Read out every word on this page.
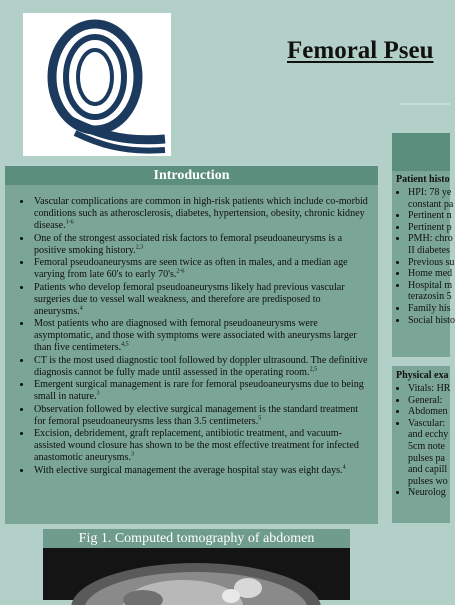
Femoral Pseu
Introduction
• Vascular complications are common in high-risk patients which include co-morbid conditions such as atherosclerosis, diabetes, hypertension, obesity, chronic kidney disease.$^{1-6}$
• One of the strongest associated risk factors to femoral pseudoaneurysms is a positive smoking history.$^{2,3}$
• Femoral pseudoaneurysms are seen twice as often in males, and a median age varying from late 60's to early 70's.$^{2-6}$
• Patients who develop femoral pseudoaneurysms likely had previous vascular surgeries due to vessel wall weakness, and therefore are predisposed to aneurysms.$^4$
• Most patients who are diagnosed with femoral pseudoaneurysms were asymptomatic, and those with symptoms were associated with aneurysms larger than five centimeters.$^{4,5}$
• CT is the most used diagnostic tool followed by doppler ultrasound. The definitive diagnosis cannot be fully made until assessed in the operating room.$^{2,5}$
• Emergent surgical management is rare for femoral pseudoaneurysms due to being small in nature.$^3$
• Observation followed by elective surgical management is the standard treatment for femoral pseudoaneurysms less than 3.5 centimeters.$^5$
• Excision, debridement, graft replacement, antibiotic treatment, and vacuum-assisted wound closure has shown to be the most effective treatment for infected anastomotic aneurysms.$^3$
• With elective surgical management the average hospital stay was eight days.$^4$
Patient histo
• HPI: 78 ye
constant pa
• Pertinent n
• Pertinent p
• PMH: chro
II diabetes
• Previous su
• Home med
• Hospital m
terazosin 5
• Family his
• Social histo
Physical exa
• Vitals: HR
• General:
• Abdomen
• Vascular:
and ecchy
5cm note
pulses pa
and capill
pulses wo
• Neurolog
Fig 1. Computed tomography of abdomen
